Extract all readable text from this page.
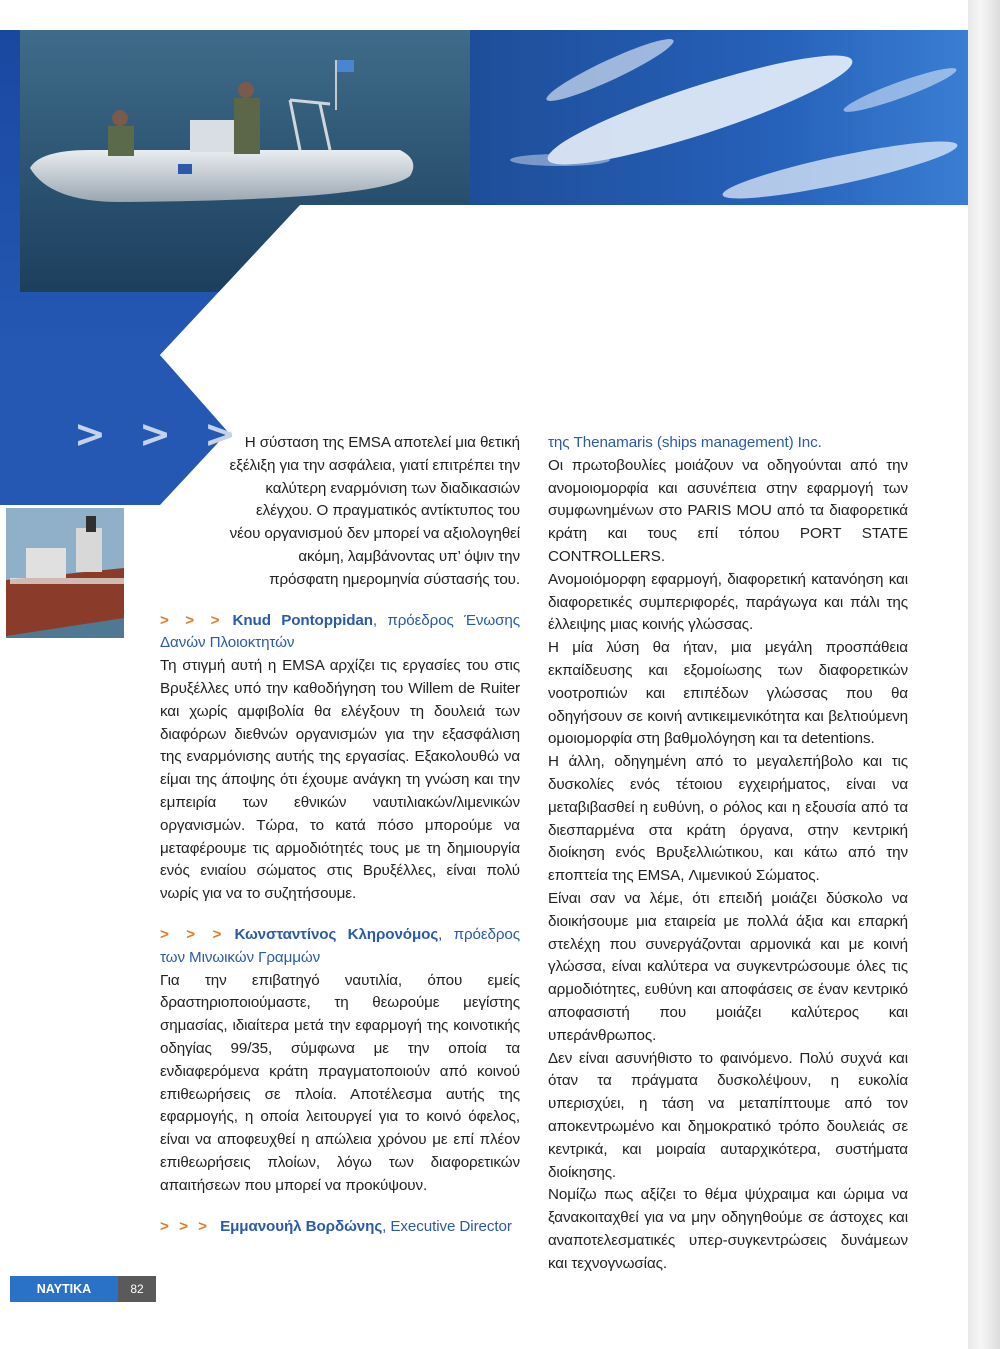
> > >

Η σύσταση της EMSA αποτελεί μια θετική εξέλιξη για την ασφάλεια, γιατί επιτρέπει την καλύτερη εναρμόνιση των διαδικασιών ελέγχου. Ο πραγματικός αντίκτυπος του νέου οργανισμού δεν μπορεί να αξιολογηθεί ακόμη, λαμβάνοντας υπ’ όψιν την πρόσφατη ημερομηνία σύστασής του.

> > > Knud Pontoppidan, πρόεδρος Ένωσης Δανών Πλοιοκτητών

Τη στιγμή αυτή η EMSA αρχίζει τις εργασίες του στις Βρυξέλλες υπό την καθοδήγηση του Willem de Ruiter και χωρίς αμφιβολία θα ελέγξουν τη δουλειά των διαφόρων διεθνών οργανισμών για την εξασφάλιση της εναρμόνισης αυτής της εργασίας. Εξακολουθώ να είμαι της άποψης ότι έχουμε ανάγκη τη γνώση και την εμπειρία των εθνικών ναυτιλιακών/λιμενικών οργανισμών. Τώρα, το κατά πόσο μπορούμε να μεταφέρουμε τις αρμοδιότητές τους με τη δημιουργία ενός ενιαίου σώματος στις Βρυξέλλες, είναι πολύ νωρίς για να το συζητήσουμε.

> > > Κωνσταντίνος Κληρονόμος, πρόεδρος των Μινωικών Γραμμών

Για την επιβατηγό ναυτιλία, όπου εμείς δραστηριοποιούμαστε, τη θεωρούμε μεγίστης σημασίας, ιδιαίτερα μετά την εφαρμογή της κοινοτικής οδηγίας 99/35, σύμφωνα με την οποία τα ενδιαφερόμενα κράτη πραγματοποιούν από κοινού επιθεωρήσεις σε πλοία. Αποτέλεσμα αυτής της εφαρμογής, η οποία λειτουργεί για το κοινό όφελος, είναι να αποφευχθεί η απώλεια χρόνου με επί πλέον επιθεωρήσεις πλοίων, λόγω των διαφορετικών απαιτήσεων που μπορεί να προκύψουν.

> > > Εμμανουήλ Βορδώνης, Executive Director

της Thenamaris (ships management) Inc.

Οι πρωτοβουλίες μοιάζουν να οδηγούνται από την ανομοιομορφία και ασυνέπεια στην εφαρμογή των συμφωνημένων στο PARIS MOU από τα διαφορετικά κράτη και τους επί τόπου PORT STATE CONTROLLERS.

Ανομοιόμορφη εφαρμογή, διαφορετική κατανόηση και διαφορετικές συμπεριφορές, παράγωγα και πάλι της έλλειψης μιας κοινής γλώσσας.

Η μία λύση θα ήταν, μια μεγάλη προσπάθεια εκπαίδευσης και εξομοίωσης των διαφορετικών νοοτροπιών και επιπέδων γλώσσας που θα οδηγήσουν σε κοινή αντικειμενικότητα και βελτιούμενη ομοιομορφία στη βαθμολόγηση και τα detentions.

Η άλλη, οδηγημένη από το μεγαλεπήβολο και τις δυσκολίες ενός τέτοιου εγχειρήματος, είναι να μεταβιβασθεί η ευθύνη, ο ρόλος και η εξουσία από τα διεσπαρμένα στα κράτη όργανα, στην κεντρική διοίκηση ενός Βρυξελλιώτικου, και κάτω από την εποπτεία της EMSA, Λιμενικού Σώματος.

Είναι σαν να λέμε, ότι επειδή μοιάζει δύσκολο να διοικήσουμε μια εταιρεία με πολλά άξια και επαρκή στελέχη που συνεργάζονται αρμονικά και με κοινή γλώσσα, είναι καλύτερα να συγκεντρώσουμε όλες τις αρμοδιότητες, ευθύνη και αποφάσεις σε έναν κεντρικό αποφασιστή που μοιάζει καλύτερος και υπεράνθρωπος.

Δεν είναι ασυνήθιστο το φαινόμενο. Πολύ συχνά και όταν τα πράγματα δυσκολέψουν, η ευκολία υπερισχύει, η τάση να μεταπίπτουμε από τον αποκεντρωμένο και δημοκρατικό τρόπο δουλειάς σε κεντρικά, και μοιραία αυταρχικότερα, συστήματα διοίκησης.

Νομίζω πως αξίζει το θέμα ψύχραιμα και ώριμα να ξανακοιταχθεί για να μην οδηγηθούμε σε άστοχες και αναποτελεσματικές υπερ-συγκεντρώσεις δυνάμεων και τεχνογνωσίας.

ΝΑΥΤΙΚΑ ΧΡΟΝΙΚΑ
82
